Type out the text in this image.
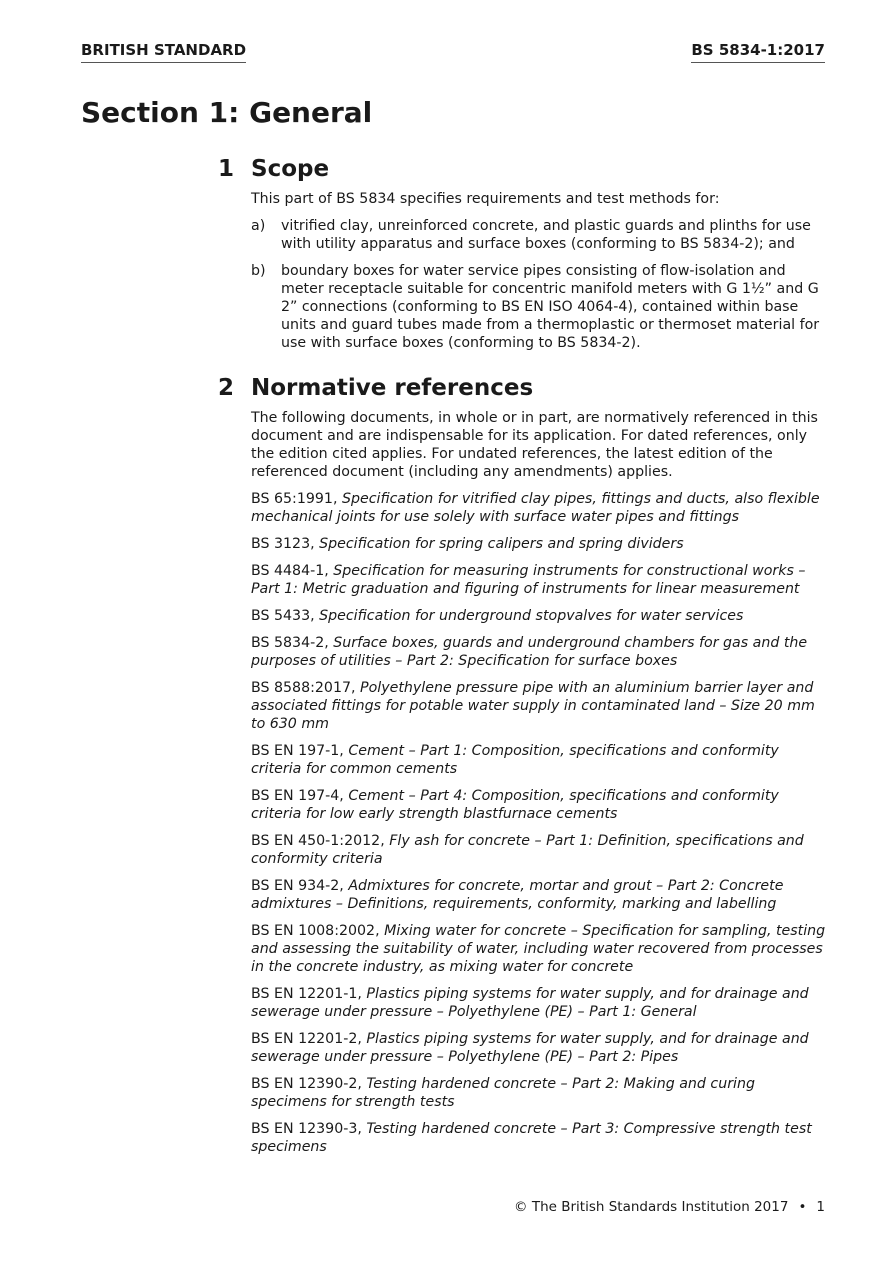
BRITISH STANDARD	BS 5834-1:2017
Section 1: General
1 Scope

This part of BS 5834 specifies requirements and test methods for:

a)	vitrified clay, unreinforced concrete, and plastic guards and plinths for use with utility apparatus and surface boxes (conforming to BS 5834-2); and
b)	boundary boxes for water service pipes consisting of flow-isolation and meter receptacle suitable for concentric manifold meters with G 1½” and G 2” connections (conforming to BS EN ISO 4064-4), contained within base units and guard tubes made from a thermoplastic or thermoset material for use with surface boxes (conforming to BS 5834-2).
2 Normative references

The following documents, in whole or in part, are normatively referenced in this document and are indispensable for its application. For dated references, only the edition cited applies. For undated references, the latest edition of the referenced document (including any amendments) applies.

BS 65:1991, Specification for vitrified clay pipes, fittings and ducts, also flexible mechanical joints for use solely with surface water pipes and fittings

BS 3123, Specification for spring calipers and spring dividers

BS 4484-1, Specification for measuring instruments for constructional works – Part 1: Metric graduation and figuring of instruments for linear measurement

BS 5433, Specification for underground stopvalves for water services

BS 5834-2, Surface boxes, guards and underground chambers for gas and the purposes of utilities – Part 2: Specification for surface boxes

BS 8588:2017, Polyethylene pressure pipe with an aluminium barrier layer and associated fittings for potable water supply in contaminated land – Size 20 mm to 630 mm

BS EN 197-1, Cement – Part 1: Composition, specifications and conformity criteria for common cements

BS EN 197-4, Cement – Part 4: Composition, specifications and conformity criteria for low early strength blastfurnace cements

BS EN 450-1:2012, Fly ash for concrete – Part 1: Definition, specifications and conformity criteria

BS EN 934-2, Admixtures for concrete, mortar and grout – Part 2: Concrete admixtures – Definitions, requirements, conformity, marking and labelling

BS EN 1008:2002, Mixing water for concrete – Specification for sampling, testing and assessing the suitability of water, including water recovered from processes in the concrete industry, as mixing water for concrete

BS EN 12201-1, Plastics piping systems for water supply, and for drainage and sewerage under pressure – Polyethylene (PE) – Part 1: General

BS EN 12201-2, Plastics piping systems for water supply, and for drainage and sewerage under pressure – Polyethylene (PE) – Part 2: Pipes

BS EN 12390-2, Testing hardened concrete – Part 2: Making and curing specimens for strength tests

BS EN 12390-3, Testing hardened concrete – Part 3: Compressive strength test specimens

© The British Standards Institution 2017 • 1
